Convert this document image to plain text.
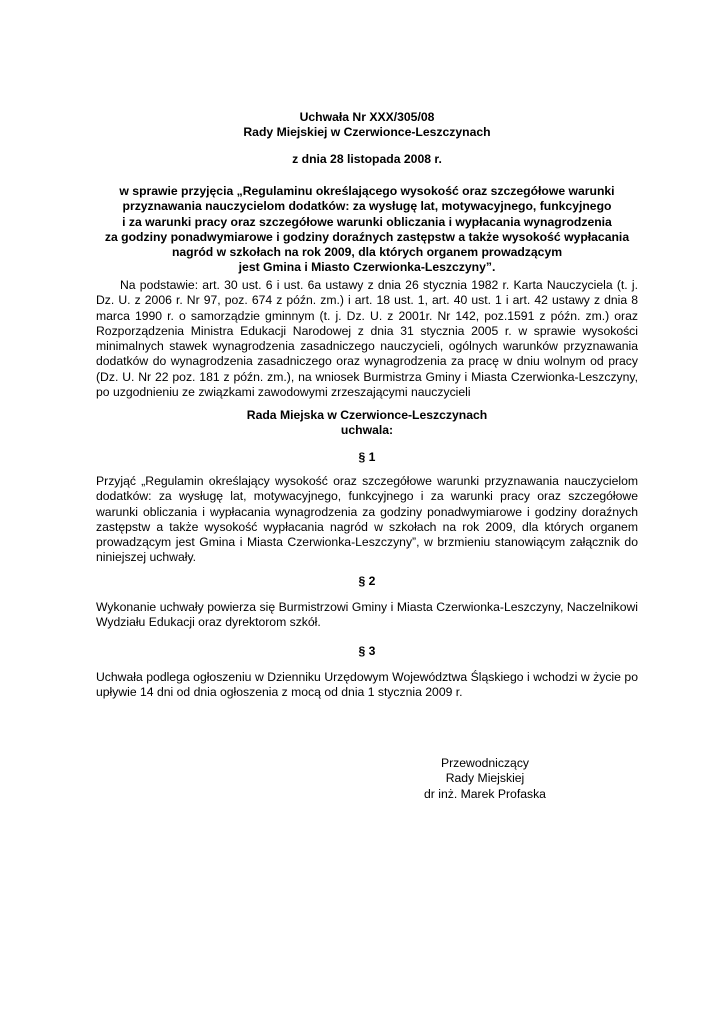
Uchwała Nr XXX/305/08
Rady Miejskiej w Czerwionce-Leszczynach
z dnia 28 listopada 2008 r.
w sprawie przyjęcia „Regulaminu określającego wysokość oraz szczegółowe warunki
przyznawania nauczycielom dodatków: za wysługę lat, motywacyjnego, funkcyjnego
i za warunki pracy oraz szczegółowe warunki obliczania i wypłacania wynagrodzenia
za godziny ponadwymiarowe i godziny doraźnych zastępstw a także wysokość wypłacania
nagród w szkołach na rok 2009, dla których organem prowadzącym
jest Gmina i Miasto Czerwionka-Leszczyny”.
Na podstawie: art. 30 ust. 6 i ust. 6a ustawy z dnia 26 stycznia 1982 r. Karta Nauczyciela (t. j. Dz. U. z 2006 r. Nr 97, poz. 674 z późn. zm.) i art. 18 ust. 1, art. 40 ust. 1 i art. 42 ustawy z dnia 8 marca 1990 r. o samorządzie gminnym (t. j. Dz. U. z 2001r. Nr 142, poz.1591 z późn. zm.) oraz Rozporządzenia Ministra Edukacji Narodowej z dnia 31 stycznia 2005 r. w sprawie wysokości minimalnych stawek wynagrodzenia zasadniczego nauczycieli, ogólnych warunków przyznawania dodatków do wynagrodzenia zasadniczego oraz wynagrodzenia za pracę w dniu wolnym od pracy (Dz. U. Nr 22 poz. 181 z późn. zm.), na wniosek Burmistrza Gminy i Miasta Czerwionka-Leszczyny, po uzgodnieniu ze związkami zawodowymi zrzeszającymi nauczycieli
Rada Miejska w Czerwionce-Leszczynach
uchwala:
§ 1
Przyjąć „Regulamin określający wysokość oraz szczegółowe warunki przyznawania nauczycielom dodatków: za wysługę lat, motywacyjnego, funkcyjnego i za warunki pracy oraz szczegółowe warunki obliczania i wypłacania wynagrodzenia za godziny ponadwymiarowe i godziny doraźnych zastępstw a także wysokość wypłacania nagród w szkołach na rok 2009, dla których organem prowadzącym jest Gmina i Miasta Czerwionka-Leszczyny”, w brzmieniu stanowiącym załącznik do niniejszej uchwały.
§ 2
Wykonanie uchwały powierza się Burmistrzowi Gminy i Miasta Czerwionka-Leszczyny, Naczelnikowi Wydziału Edukacji oraz dyrektorom szkół.
§ 3
Uchwała podlega ogłoszeniu w Dzienniku Urzędowym Województwa Śląskiego i wchodzi w życie po upływie 14 dni od dnia ogłoszenia z mocą od dnia 1 stycznia 2009 r.
Przewodniczący
Rady Miejskiej
dr inż. Marek Profaska
